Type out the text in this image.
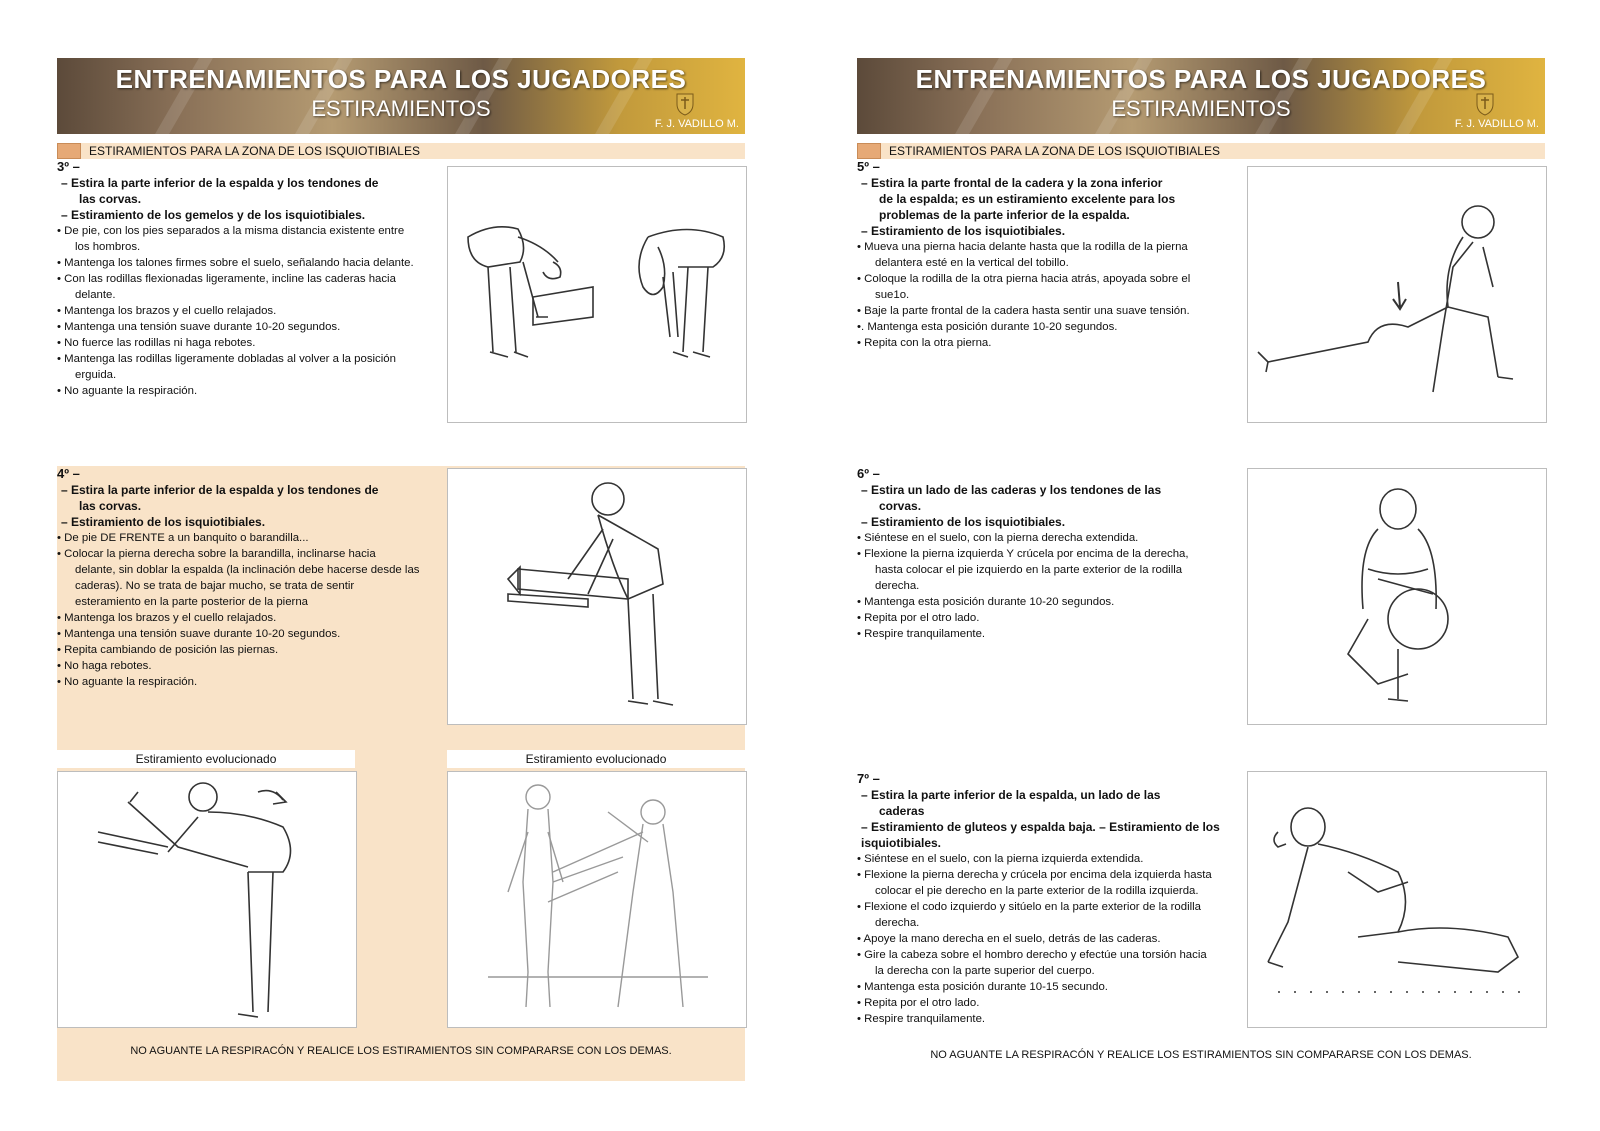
ENTRENAMIENTOS PARA LOS JUGADORES
ESTIRAMIENTOS
F. J. VADILLO M.
ESTIRAMIENTOS PARA LA ZONA DE LOS ISQUIOTIBIALES
3º –
– Estira la parte inferior de la espalda y los tendones de
las corvas.
– Estiramiento de los gemelos y de los isquiotibiales.
• De pie, con los pies separados a la misma distancia existente entre
los hombros.
• Mantenga los talones firmes sobre el suelo, señalando hacia delante.
• Con las rodillas flexionadas ligeramente, incline las caderas hacia
delante.
• Mantenga los brazos y el cuello relajados.
• Mantenga una tensión suave durante 10-20 segundos.
• No fuerce las rodillas ni haga rebotes.
• Mantenga las rodillas ligeramente dobladas al volver a la posición
erguida.
• No aguante la respiración.
4º –
– Estira la parte inferior de la espalda y los tendones de
las corvas.
– Estiramiento de los isquiotibiales.
• De pie DE FRENTE a un banquito o barandilla...
• Colocar la pierna derecha sobre la barandilla, inclinarse hacia
delante, sin doblar la espalda (la inclinación debe hacerse desde las
caderas). No se trata de bajar mucho, se trata de sentir
esteramiento en la parte posterior de la pierna
• Mantenga los brazos y el cuello relajados.
• Mantenga una tensión suave durante 10-20 segundos.
• Repita cambiando de posición las piernas.
• No haga rebotes.
• No aguante la respiración.
Estiramiento evolucionado	Estiramiento evolucionado
NO AGUANTE LA RESPIRACÓN Y REALICE LOS ESTIRAMIENTOS SIN COMPARARSE CON LOS DEMAS.
ENTRENAMIENTOS PARA LOS JUGADORES
ESTIRAMIENTOS
F. J. VADILLO M.
ESTIRAMIENTOS PARA LA ZONA DE LOS ISQUIOTIBIALES
5º –
– Estira la parte frontal de la cadera y la zona inferior
de la espalda; es un estiramiento excelente para los
problemas de la parte inferior de la espalda.
– Estiramiento de los isquiotibiales.
• Mueva una pierna hacia delante hasta que la rodilla de la pierna
delantera esté en la vertical del tobillo.
• Coloque la rodilla de la otra pierna hacia atrás, apoyada sobre el
sue1o.
• Baje la parte frontal de la cadera hasta sentir una suave tensión.
•. Mantenga esta posición durante 10-20 segundos.
• Repita con la otra pierna.
6º –
– Estira un lado de las caderas y los tendones de las
corvas.
– Estiramiento de los isquiotibiales.
• Siéntese en el suelo, con la pierna derecha extendida.
• Flexione la pierna izquierda Y crúcela por encima de la derecha,
hasta colocar el pie izquierdo en la parte exterior de la rodilla
derecha.
• Mantenga esta posición durante 10-20 segundos.
• Repita por el otro lado.
• Respire tranquilamente.
7º –
– Estira la parte inferior de la espalda, un lado de las
caderas
– Estiramiento de gluteos y espalda baja. – Estiramiento de los isquiotibiales.
• Siéntese en el suelo, con la pierna izquierda extendida.
• Flexione la pierna derecha y crúcela por encima dela izquierda hasta
colocar el pie derecho en la parte exterior de la rodilla izquierda.
• Flexione el codo izquierdo y sitúelo en la parte exterior de la rodilla
derecha.
• Apoye la mano derecha en el suelo, detrás de las caderas.
• Gire la cabeza sobre el hombro derecho y efectúe una torsión hacia
la derecha con la parte superior del cuerpo.
• Mantenga esta posición durante 10-15 secundo.
• Repita por el otro lado.
• Respire tranquilamente.
NO AGUANTE LA RESPIRACÓN Y REALICE LOS ESTIRAMIENTOS SIN COMPARARSE CON LOS DEMAS.
